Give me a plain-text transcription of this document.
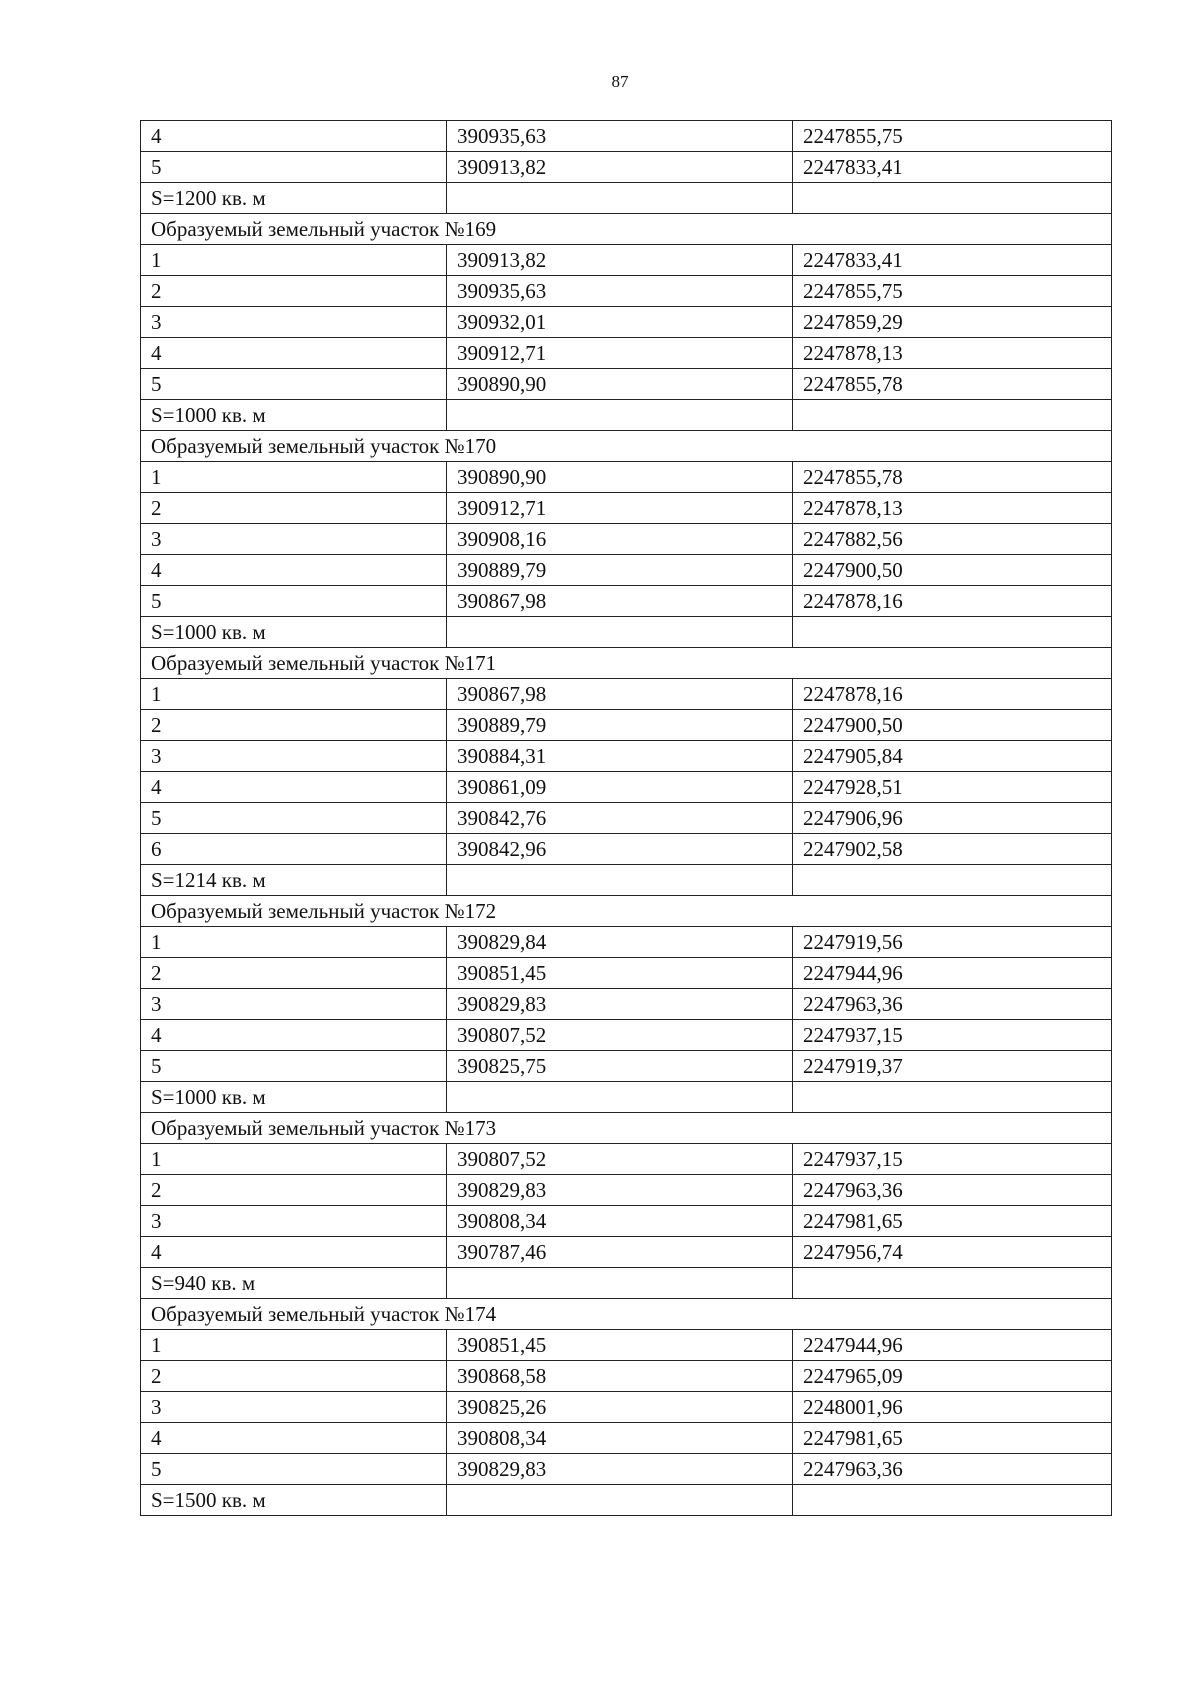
87
4	390935,63	2247855,75
5	390913,82	2247833,41
S=1200 кв. м		
Образуемый земельный участок №169		
1	390913,82	2247833,41
2	390935,63	2247855,75
3	390932,01	2247859,29
4	390912,71	2247878,13
5	390890,90	2247855,78
S=1000 кв. м		
Образуемый земельный участок №170		
1	390890,90	2247855,78
2	390912,71	2247878,13
3	390908,16	2247882,56
4	390889,79	2247900,50
5	390867,98	2247878,16
S=1000 кв. м		
Образуемый земельный участок №171		
1	390867,98	2247878,16
2	390889,79	2247900,50
3	390884,31	2247905,84
4	390861,09	2247928,51
5	390842,76	2247906,96
6	390842,96	2247902,58
S=1214 кв. м		
Образуемый земельный участок №172		
1	390829,84	2247919,56
2	390851,45	2247944,96
3	390829,83	2247963,36
4	390807,52	2247937,15
5	390825,75	2247919,37
S=1000 кв. м		
Образуемый земельный участок №173		
1	390807,52	2247937,15
2	390829,83	2247963,36
3	390808,34	2247981,65
4	390787,46	2247956,74
S=940 кв. м		
Образуемый земельный участок №174		
1	390851,45	2247944,96
2	390868,58	2247965,09
3	390825,26	2248001,96
4	390808,34	2247981,65
5	390829,83	2247963,36
S=1500 кв. м		
